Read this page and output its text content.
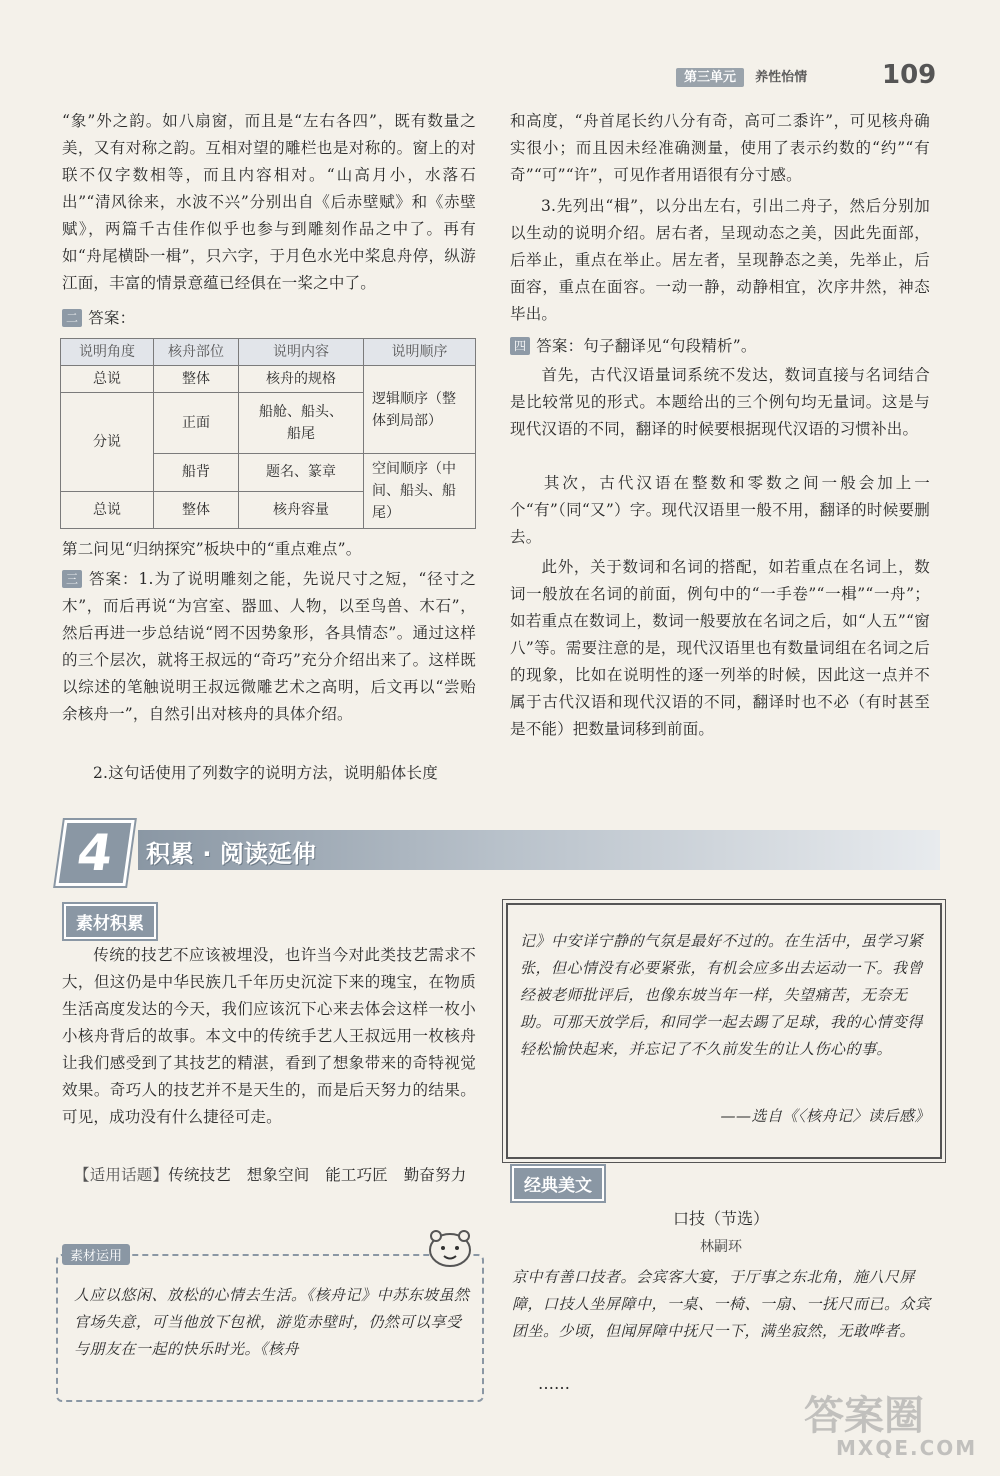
第三单元 养性怡情	109
“象”外之韵。如八扇窗，而且是“左右各四”，既有数量之美，又有对称之韵。互相对望的雕栏也是对称的。窗上的对联不仅字数相等，而且内容相对。“山高月小，水落石出”“清风徐来，水波不兴”分别出自《后赤壁赋》和《赤壁赋》，两篇千古佳作似乎也参与到雕刻作品之中了。再有如“舟尾横卧一楫”，只六字，于月色水光中桨息舟停，纵游江面，丰富的情景意蕴已经俱在一桨之中了。
二 答案：
说明角度	核舟部位	说明内容	说明顺序
总说	整体	核舟的规格	逻辑顺序（整体到局部）
分说	正面	船舱、船头、船尾	
	船背	题名、篆章	空间顺序（中间、船头、船尾）
总说	整体	核舟容量	
第二问见“归纳探究”板块中的“重点难点”。
三 答案：1.为了说明雕刻之能，先说尺寸之短，“径寸之木”，而后再说“为宫室、器皿、人物，以至鸟兽、木石”，然后再进一步总结说“罔不因势象形，各具情态”。通过这样的三个层次，就将王叔远的“奇巧”充分介绍出来了。这样既以综述的笔触说明王叔远微雕艺术之高明，后文再以“尝贻余核舟一”，自然引出对核舟的具体介绍。
2.这句话使用了列数字的说明方法，说明船体长度
和高度，“舟首尾长约八分有奇，高可二黍许”，可见核舟确实很小；而且因未经准确测量，使用了表示约数的“约”“有奇”“可”“许”，可见作者用语很有分寸感。
3.先列出“楫”，以分出左右，引出二舟子，然后分别加以生动的说明介绍。居右者，呈现动态之美，因此先面部，后举止，重点在举止。居左者，呈现静态之美，先举止，后面容，重点在面容。一动一静，动静相宜，次序井然，神态毕出。
四 答案：句子翻译见“句段精析”。
首先，古代汉语量词系统不发达，数词直接与名词结合是比较常见的形式。本题给出的三个例句均无量词。这是与现代汉语的不同，翻译的时候要根据现代汉语的习惯补出。
其次，古代汉语在整数和零数之间一般会加上一个“有”（同“又”）字。现代汉语里一般不用，翻译的时候要删去。
此外，关于数词和名词的搭配，如若重点在名词上，数词一般放在名词的前面，例句中的“一手卷”“一楫”“一舟”；如若重点在数词上，数词一般要放在名词之后，如“人五”“窗八”等。需要注意的是，现代汉语里也有数量词组在名词之后的现象，比如在说明性的逐一列举的时候，因此这一点并不属于古代汉语和现代汉语的不同，翻译时也不必（有时甚至是不能）把数量词移到前面。
4	积累 · 阅读延伸
素材积累
传统的技艺不应该被埋没，也许当今对此类技艺需求不大，但这仍是中华民族几千年历史沉淀下来的瑰宝，在物质生活高度发达的今天，我们应该沉下心来去体会这样一枚小小核舟背后的故事。本文中的传统手艺人王叔远用一枚核舟让我们感受到了其技艺的精湛，看到了想象带来的奇特视觉效果。奇巧人的技艺并不是天生的，而是后天努力的结果。可见，成功没有什么捷径可走。
【适用话题】传统技艺　想象空间　能工巧匠　勤奋努力
素材运用
人应以悠闲、放松的心情去生活。《核舟记》中苏东坡虽然官场失意，可当他放下包袱，游览赤壁时，仍然可以享受与朋友在一起的快乐时光。《核舟
记》中安详宁静的气氛是最好不过的。在生活中，虽学习紧张，但心情没有必要紧张，有机会应多出去运动一下。我曾经被老师批评后，也像东坡当年一样，失望痛苦，无奈无助。可那天放学后，和同学一起去踢了足球，我的心情变得轻松愉快起来，并忘记了不久前发生的让人伤心的事。
——选自《〈核舟记〉读后感》
经典美文
口技（节选）
林嗣环
京中有善口技者。会宾客大宴，于厅事之东北角，施八尺屏障，口技人坐屏障中，一桌、一椅、一扇、一抚尺而已。众宾团坐。少顷，但闻屏障中抚尺一下，满坐寂然，无敢哗者。
……
答案圈
MXQE.COM
